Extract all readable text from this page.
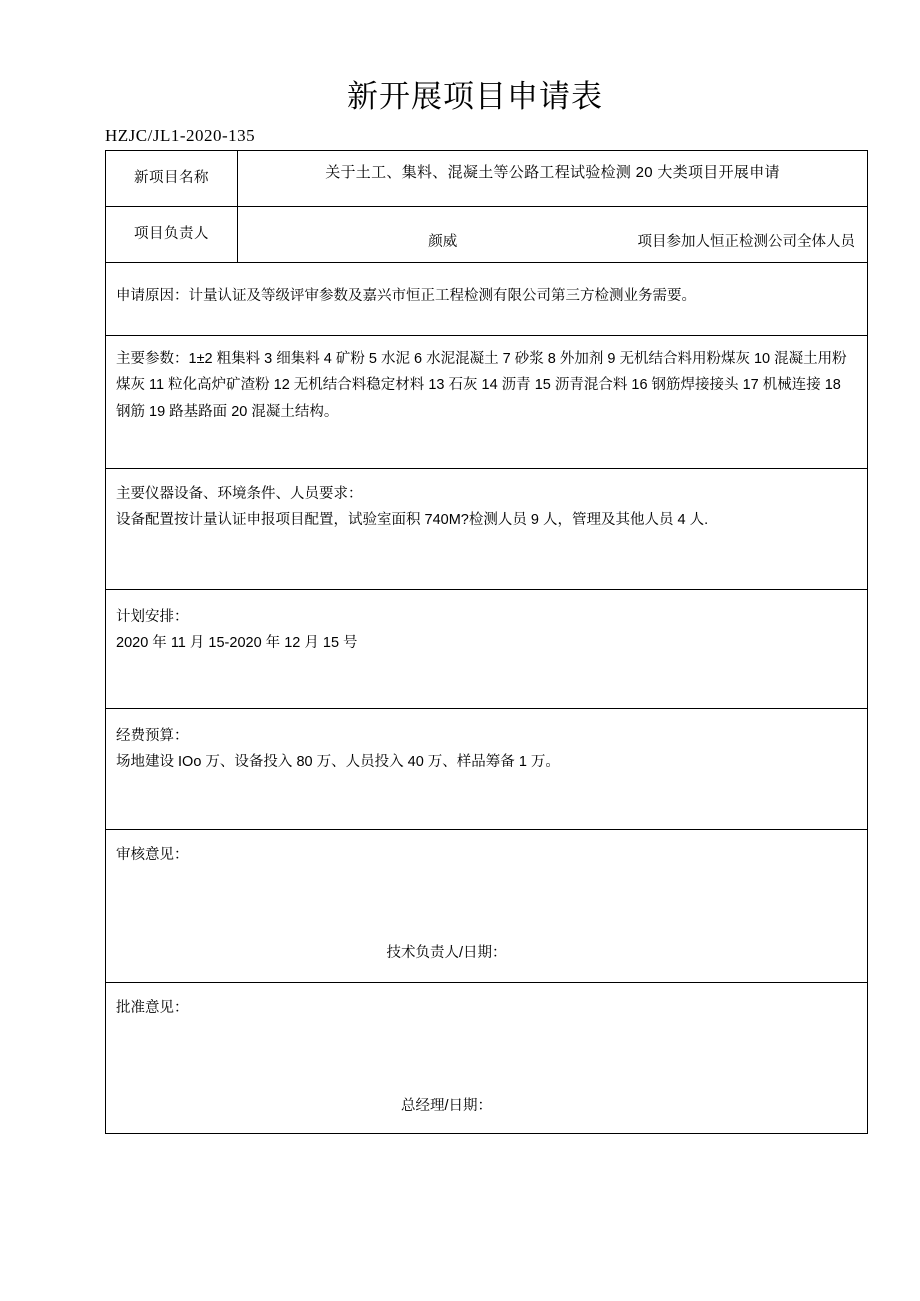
新开展项目申请表
HZJC/JL1-2020-135
新项目名称	关于土工、集料、混凝土等公路工程试验检测 20 大类项目开展申请

项目负责人	颜威 项目参加人恒正检测公司全体人员

申请原因：计量认证及等级评审参数及嘉兴市恒正工程检测有限公司第三方检测业务需要。	

主要参数：1±2 粗集料 3 细集料 4 矿粉 5 水泥 6 水泥混凝土 7 砂浆 8 外加剂 9 无机结合料用粉煤灰 10 混凝土用粉煤灰 11 粒化高炉矿渣粉 12 无机结合料稳定材料 13 石灰 14 沥青 15 沥青混合料 16 钢筋焊接接头 17 机械连接 18 钢筋 19 路基路面 20 混凝土结构。	

主要仪器设备、环境条件、人员要求：
设备配置按计量认证申报项目配置，试验室面积 740M?检测人员 9 人，管理及其他人员 4 人.	

计划安排：
2020 年 11 月 15-2020 年 12 月 15 号	

经费预算：
场地建设 IOo 万、设备投入 80 万、人员投入 40 万、样品筹备 1 万。	

审核意见：
技术负责人/日期：	

批准意见：
总经理/日期：	
